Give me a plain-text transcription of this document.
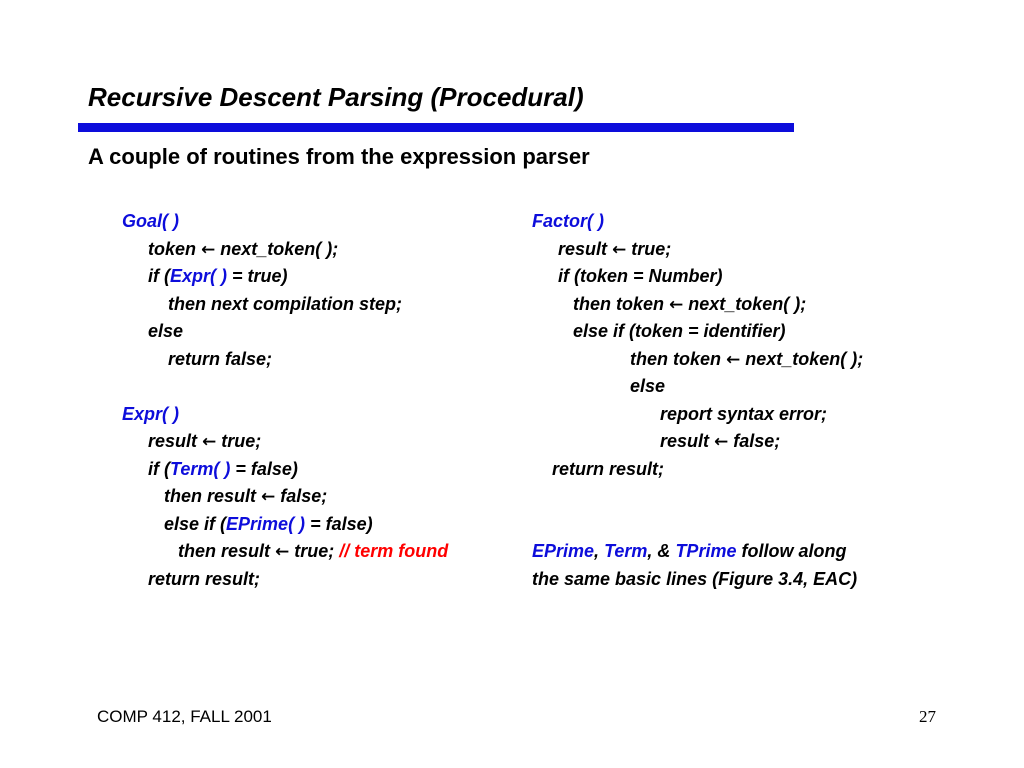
Recursive Descent Parsing (Procedural)
A couple of routines from the expression parser
Goal( )
token ← next_token( );
if (Expr( ) = true)
then next compilation step;
else
return false;
Expr( )
result ← true;
if (Term( ) = false)
then result ← false;
else if (EPrime( ) = false)
then result ← true; // term found
return result;
Factor( )
result ← true;
if (token = Number)
then token ← next_token( );
else if (token = identifier)
then token ← next_token( );
else
report syntax error;
result ← false;
return result;
EPrime, Term, & TPrime follow along
the same basic lines (Figure 3.4, EAC)
COMP 412, FALL 2001	27
